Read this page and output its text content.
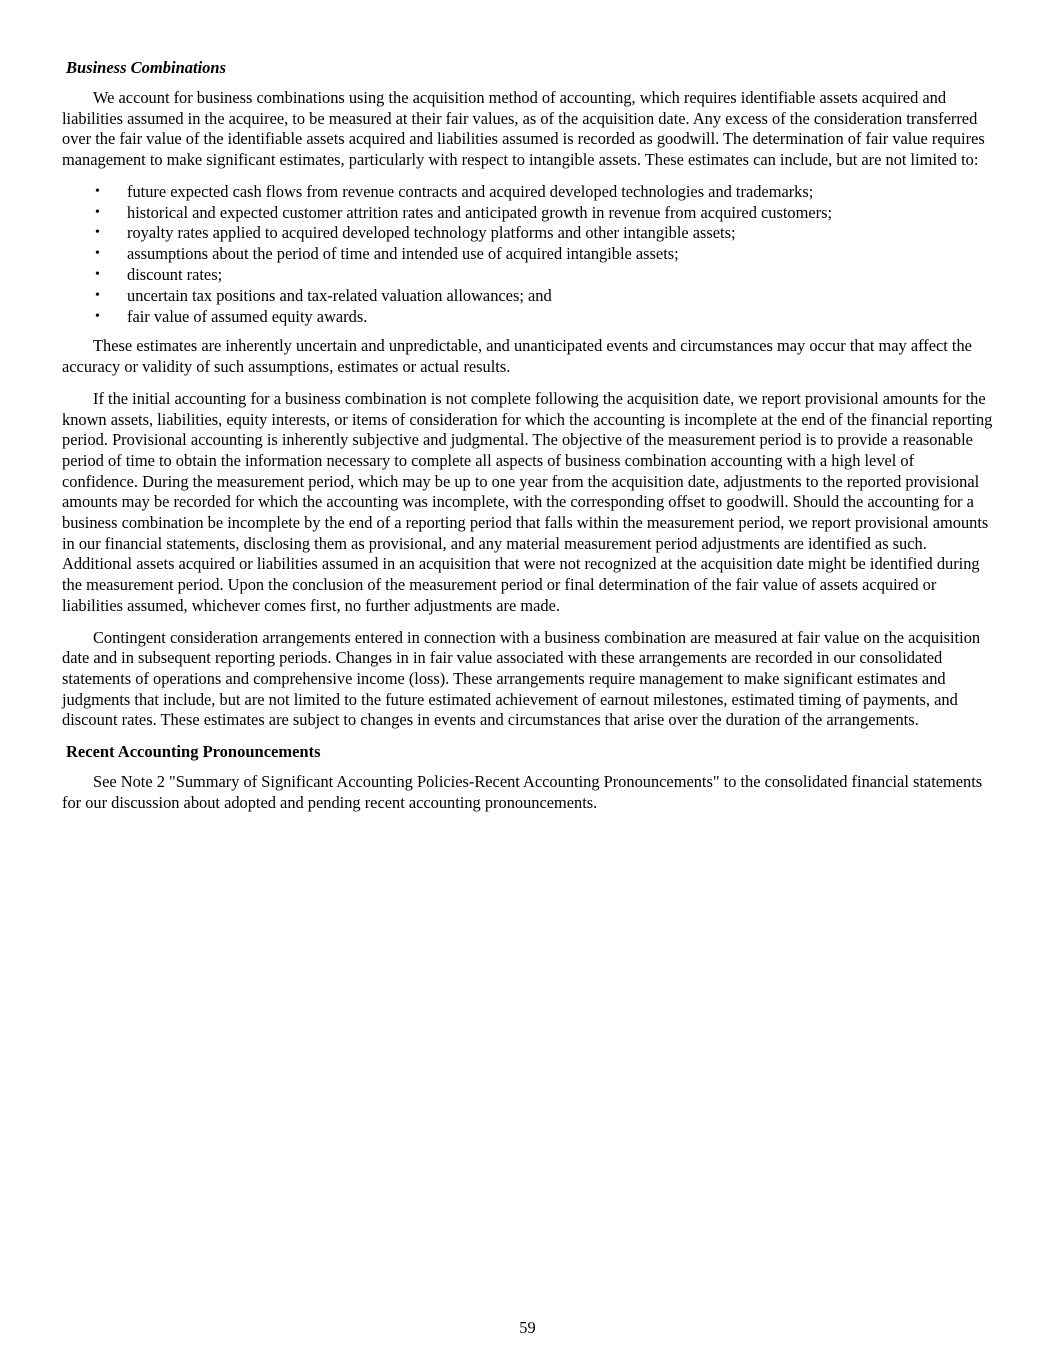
Business Combinations

We account for business combinations using the acquisition method of accounting, which requires identifiable assets acquired and liabilities assumed in the acquiree, to be measured at their fair values, as of the acquisition date. Any excess of the consideration transferred over the fair value of the identifiable assets acquired and liabilities assumed is recorded as goodwill. The determination of fair value requires management to make significant estimates, particularly with respect to intangible assets. These estimates can include, but are not limited to:

•	future expected cash flows from revenue contracts and acquired developed technologies and trademarks;
•	historical and expected customer attrition rates and anticipated growth in revenue from acquired customers;
•	royalty rates applied to acquired developed technology platforms and other intangible assets;
•	assumptions about the period of time and intended use of acquired intangible assets;
•	discount rates;
•	uncertain tax positions and tax-related valuation allowances; and
•	fair value of assumed equity awards.

These estimates are inherently uncertain and unpredictable, and unanticipated events and circumstances may occur that may affect the accuracy or validity of such assumptions, estimates or actual results.

If the initial accounting for a business combination is not complete following the acquisition date, we report provisional amounts for the known assets, liabilities, equity interests, or items of consideration for which the accounting is incomplete at the end of the financial reporting period. Provisional accounting is inherently subjective and judgmental. The objective of the measurement period is to provide a reasonable period of time to obtain the information necessary to complete all aspects of business combination accounting with a high level of confidence. During the measurement period, which may be up to one year from the acquisition date, adjustments to the reported provisional amounts may be recorded for which the accounting was incomplete, with the corresponding offset to goodwill. Should the accounting for a business combination be incomplete by the end of a reporting period that falls within the measurement period, we report provisional amounts in our financial statements, disclosing them as provisional, and any material measurement period adjustments are identified as such. Additional assets acquired or liabilities assumed in an acquisition that were not recognized at the acquisition date might be identified during the measurement period. Upon the conclusion of the measurement period or final determination of the fair value of assets acquired or liabilities assumed, whichever comes first, no further adjustments are made.

Contingent consideration arrangements entered in connection with a business combination are measured at fair value on the acquisition date and in subsequent reporting periods. Changes in in fair value associated with these arrangements are recorded in our consolidated statements of operations and comprehensive income (loss). These arrangements require management to make significant estimates and judgments that include, but are not limited to the future estimated achievement of earnout milestones, estimated timing of payments, and discount rates. These estimates are subject to changes in events and circumstances that arise over the duration of the arrangements.

Recent Accounting Pronouncements

See Note 2 "Summary of Significant Accounting Policies-Recent Accounting Pronouncements" to the consolidated financial statements for our discussion about adopted and pending recent accounting pronouncements.

59
